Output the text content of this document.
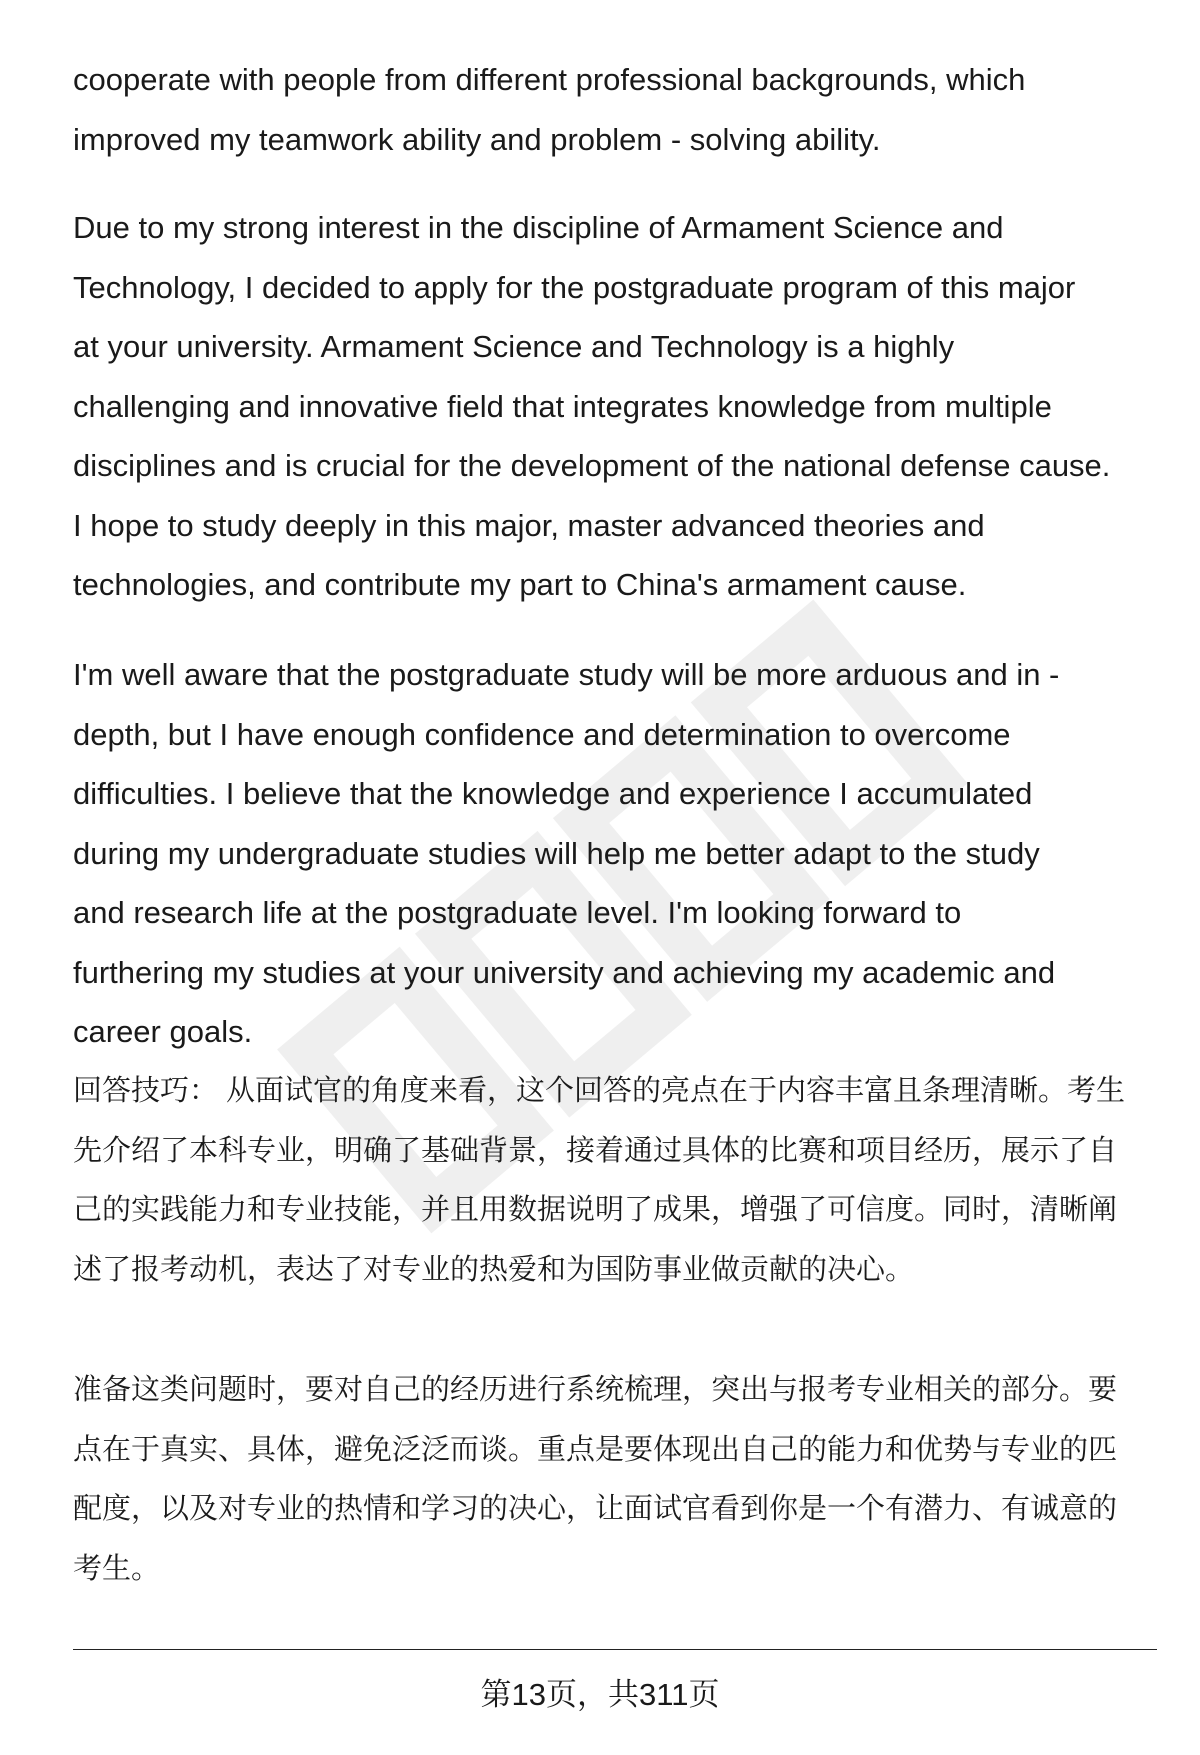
cooperate with people from different professional backgrounds, which
improved my teamwork ability and problem - solving ability.
Due to my strong interest in the discipline of Armament Science and
Technology, I decided to apply for the postgraduate program of this major
at your university. Armament Science and Technology is a highly
challenging and innovative field that integrates knowledge from multiple
disciplines and is crucial for the development of the national defense cause.
I hope to study deeply in this major, master advanced theories and
technologies, and contribute my part to China's armament cause.
I'm well aware that the postgraduate study will be more arduous and in -
depth, but I have enough confidence and determination to overcome
difficulties. I believe that the knowledge and experience I accumulated
during my undergraduate studies will help me better adapt to the study
and research life at the postgraduate level. I'm looking forward to
furthering my studies at your university and achieving my academic and
career goals.
回答技巧： 从面试官的角度来看，这个回答的亮点在于内容丰富且条理清晰。考生
先介绍了本科专业，明确了基础背景，接着通过具体的比赛和项目经历，展示了自
己的实践能力和专业技能，并且用数据说明了成果，增强了可信度。同时，清晰阐
述了报考动机，表达了对专业的热爱和为国防事业做贡献的决心。
准备这类问题时，要对自己的经历进行系统梳理，突出与报考专业相关的部分。要
点在于真实、具体，避免泛泛而谈。重点是要体现出自己的能力和优势与专业的匹
配度，以及对专业的热情和学习的决心，让面试官看到你是一个有潜力、有诚意的
考生。
第13页，共311页
